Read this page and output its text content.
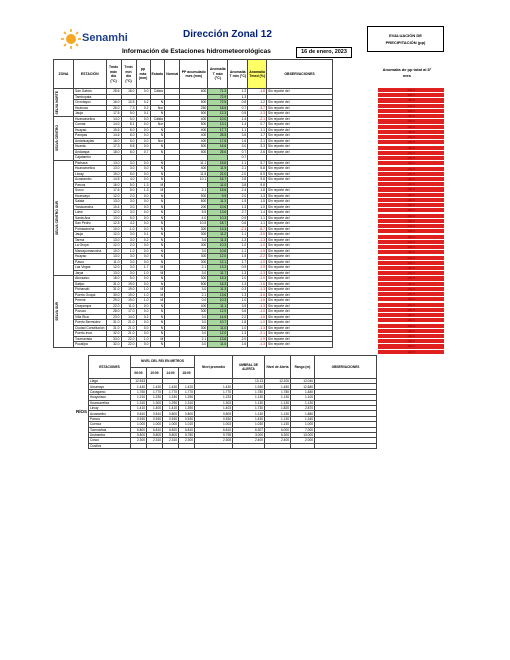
Senamhi	Dirección Zonal 12
Información de Estaciones hidrometeorológicas	16 de enero, 2023
EVALUACIÓN DE
PRECIPITACIÓN (pp)
Anomalía de pp total al 8°
mes
ZONA	ESTACIÓN	Tmáx máx día (°C)	Tmín mín día (°C)	pp máx (mm)	Estado	Normal	PP acumulado mes (mm)	Anomalía T máx (°C)	Anomalía T mín (°C)	Anomalía Tmed (%)	OBSERVACIONES

SELVA NORTE	San Gabán	28.6	18.0	0.0	Cálido		600	71.3	1.2	-1.8	Sin reporte del
	Tambopata							72.9	1.3		
	Chontayoc	16.0	10.5	0.2	N		500	72.5	0.8	1.2	Sin reporte del
	Huánuco	26.0	7.3	0.2	Nor		250	18.5	0.7	-3.7	Sin reporte del
	Jauja	17.5	5.0	0.1	N		500	12.3	0.5	-1.3	Sin reporte del

SELVA CENTRO	Huancavelica	14.0	5.0	0.0	Cálido		400	10.0	1.4	-2.1	Sin reporte del
	Comas	14.0	8.1	0.0	Nor		500	13.1	1.4	0.7	Sin reporte del
	Huayao	15.6	6.0	0.0	N		400	17.7	1.1	1.1	Sin reporte del
	Pampas	14.6	6.0	0.0	N		400	28.5	3.6	1.7	Sin reporte del
	Andahuaylas	16.0	5.0	0.0	Nor		400	17.6	1.6	2.1	Sin reporte del
	Huanta	17.3	5.5	0.0	N		500	16.6	3.0	3.3	Sin reporte del
	Andarapa	18.0	6.0	0.7	N		500	25.6	0.7	2.6	Sin reporte del
	Cajatambo								0.7		

SELVA CENTRO SUR	Pilchaca	13.0	3.0	0.0	N		11.1	15.6	1.1	5.7	Sin reporte del
	Huancavelica	13.0	3.0	0.0	N		400	11.9	2.1	5.8	Sin reporte del
	Lircay	15.0	5.0	0.0	N		11.5	21.0	2.0	6.9	Sin reporte del
	Acostambo	14.5	4.0	0.0	N		10.1	16.7	2.8	9.8	Sin reporte del
	Parcos	16.0	5.0	1.3	M			11.0	3.8	9.8	
	Surco	17.6	5.0	1.3	M		2.1	15.6	2.4	1.8	Sin reporte del
	Huancayo	12.0	2.0	0.0	N		500	9.9	2.0	1.3	Sin reporte del
	Salala	13.0	3.0	0.0	N		600	11.3	1.5	1.5	Sin reporte del
	Yanacancha	10.4	3.0	0.0	N		200	10.6	1.3	1.0	Sin reporte del
	Laive	12.0	3.0	0.0	N		5.5	13.6	2.7	1.4	Sin reporte del
	Santa Ana	13.0	5.0	0.0	N		4.0	10.3	0.9	1.1	Sin reporte del
	San Pedro	12.5	4.2	0.0	N		10.5	18.7	0.6	1.1	Sin reporte del
	Pomacancha	10.0	-1.0	0.0	N		300	13.3	-2.3	-8.7	Sin reporte del
	Jauja	12.0	3.0	0.1	N		300	11.2	1.1	-3.6	Sin reporte del
	Tarma	13.0	3.0	0.2	N		3.6	11.3	1.3	-1.3	Sin reporte del
	La Oroya	12.0	2.0	0.0	N		300	10.3	1.0	-1.0	Sin reporte del
	Marcapomacocha	10.0	1.0	0.0	N		3.0	10.6	1.1	-1.5	Sin reporte del
	Huayao	13.0	3.0	0.0	N		300	12.0	1.5	-2.2	Sin reporte del
	Pasco	11.0	3.0	0.0	N		300	12.1	1.7	-1.0	Sin reporte del
	Las Vegas	12.0	3.0	1.7	M		2.1	13.3	0.9	-1.9	Sin reporte del
	Jarpa	13.0	3.0	1.0	M		3.0	11.7	1.3	-1.3	Sin reporte del

SELVA SUR	Atocsaico	16.0	5.0	0.0	N		300	15.3	1.0	-1.0	Sin reporte del
	Satipo	31.0	19.0	0.0	N		500	16.3	1.3	-1.6	Sin reporte del
	Pichanaki	31.0	19.0	1.0	M		3.0	11.3	0.3	-1.3	Sin reporte del
	Puerto Ocopa	30.0	19.0	1.0	M		2.1	13.6	1.3	-3.6	Sin reporte del
	Perené	29.0	19.0	1.0	M		0.0	10.3	1.0	-1.6	Sin reporte del
	Oxapampa	22.0	11.0	0.0	N		400	11.1	3.5	-1.3	Sin reporte del
	Pozuzo	28.0	17.0	0.0	N		300	12.9	3.6	-1.0	Sin reporte del
	Villa Rica	23.0	14.0	0.2	N		3.0	14.6	2.2	-1.6	Sin reporte del
	Puerto Bermúdez	31.0	21.0	0.0	N		3.0	10.7	1.8	-1.0	Sin reporte del
	Ciudad Constitución	31.0	21.0	0.0	N		300	11.0	1.0	-1.3	Sin reporte del
	Puerto Inca	32.0	21.0	0.0	N		3.0	12.0	1.3	-2.1	Sin reporte del
	Tournavista	33.0	22.0	1.0	M		2.1	13.6	2.0	-1.9	Sin reporte del
	Pucallpa	32.0	22.0	0.0	N		3.0	11.0	1.6	-1.3	Sin reporte del
100.0
100.0
100.0
100.0
100.0
100.0
100.0
100.0
100.0
100.0
100.0
100.0
100.0
100.0
100.0
100.0
100.0
100.0
100.0
100.0
100.0
100.0
100.0
100.0
100.0
100.0
100.0
100.0
100.0
100.0
100.0
100.0
100.0
100.0
100.0
100.0
100.0
100.0
100.0
100.0
100.0
100.0
100.0
100.0
100.0
100.0
100.0
100.0
100.0
100.0
100.0
ESTACIONES	NIVEL DEL RÍO EN METROS				Nivel promedio	UMBRAL DE ALERTA	Nivel de Alerta	Rango (m)	OBSERVACIONES
	06:00	10:00	14:00	18:00					
Llaga	12.543					13.13	12.100	12.040	
Ulcumayo	1.440	1.430	1.430	1.420	1.430	1.930	1.450	12.680	
Cavagamo	1.760	1.770	1.770	1.770	1.770	1.780	1.780	1.480	
Huaychaco	1.210	1.230	1.240	1.250	1.233	1.130	1.130	1.100	
Huancavelica	1.310	1.300	1.290	1.310	1.303	1.130	1.130	1.130	
Lircay	1.410	1.400	1.410	1.390	1.403	1.730	1.820	2.870	
Acostambo	0.810	0.810	0.800	0.800	0.805	1.130	1.130	1.880	
Parcos	0.530	0.530	0.530	0.530	0.530	1.430	1.130	1.340	
Cuenca	1.000	1.000	1.000	1.010	1.003	1.030	1.130	1.000	
Tournavista	6.800	6.810	6.820	6.810	6.810	6.307	6.000	7.000	
Urubamba	5.800	5.800	5.800	5.780	5.795	3.000	6.300	13.000	
Cusco	2.300	2.310	2.310	2.300	2.305	2.400	2.400	2.000	
Cusillos									
RÍOS
